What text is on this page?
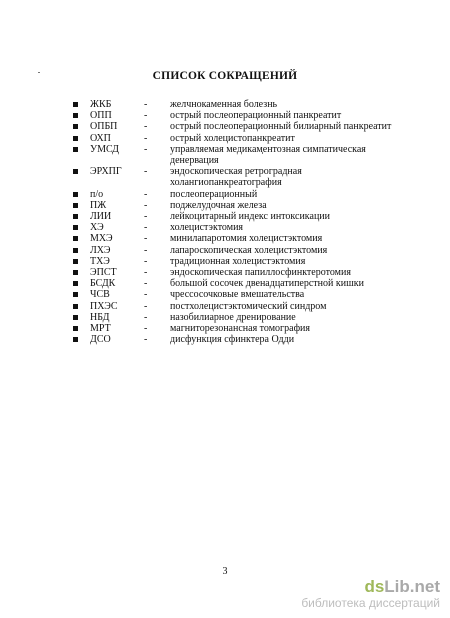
СПИСОК СОКРАЩЕНИЙ
ЖКБ	- желчнокаменная болезнь
ОПП	- острый послеоперационный панкреатит
ОПБП	- острый послеоперационный билиарный панкреатит
ОХП	- острый холецистопанкреатит
УМСД	- управляемая медикаментозная симпатическая
денервация
ЭРХПГ - эндоскопическая ретроградная
холангиопанкреатография
п/о	- послеоперационный
ПЖ	- поджелудочная железа
ЛИИ	- лейкоцитарный индекс интоксикации
ХЭ	- холецистэктомия
МХЭ	- минилапаротомия холецистэктомия
ЛХЭ	- лапароскопическая холецистэктомия
ТХЭ	- традиционная холецистэктомия
ЭПСТ	- эндоскопическая папиллосфинктеротомия
БСДК	- большой сосочек двенадцатиперстной кишки
ЧСВ	- чрессосочковые вмешательства
ПХЭС	- постхолецистэктомический синдром
НБД	- назобилиарное дренирование
МРТ	- магниторезонансная томография
ДСО	- дисфункция сфинктера Одди
3
dsLib.net
библиотека диссертаций
